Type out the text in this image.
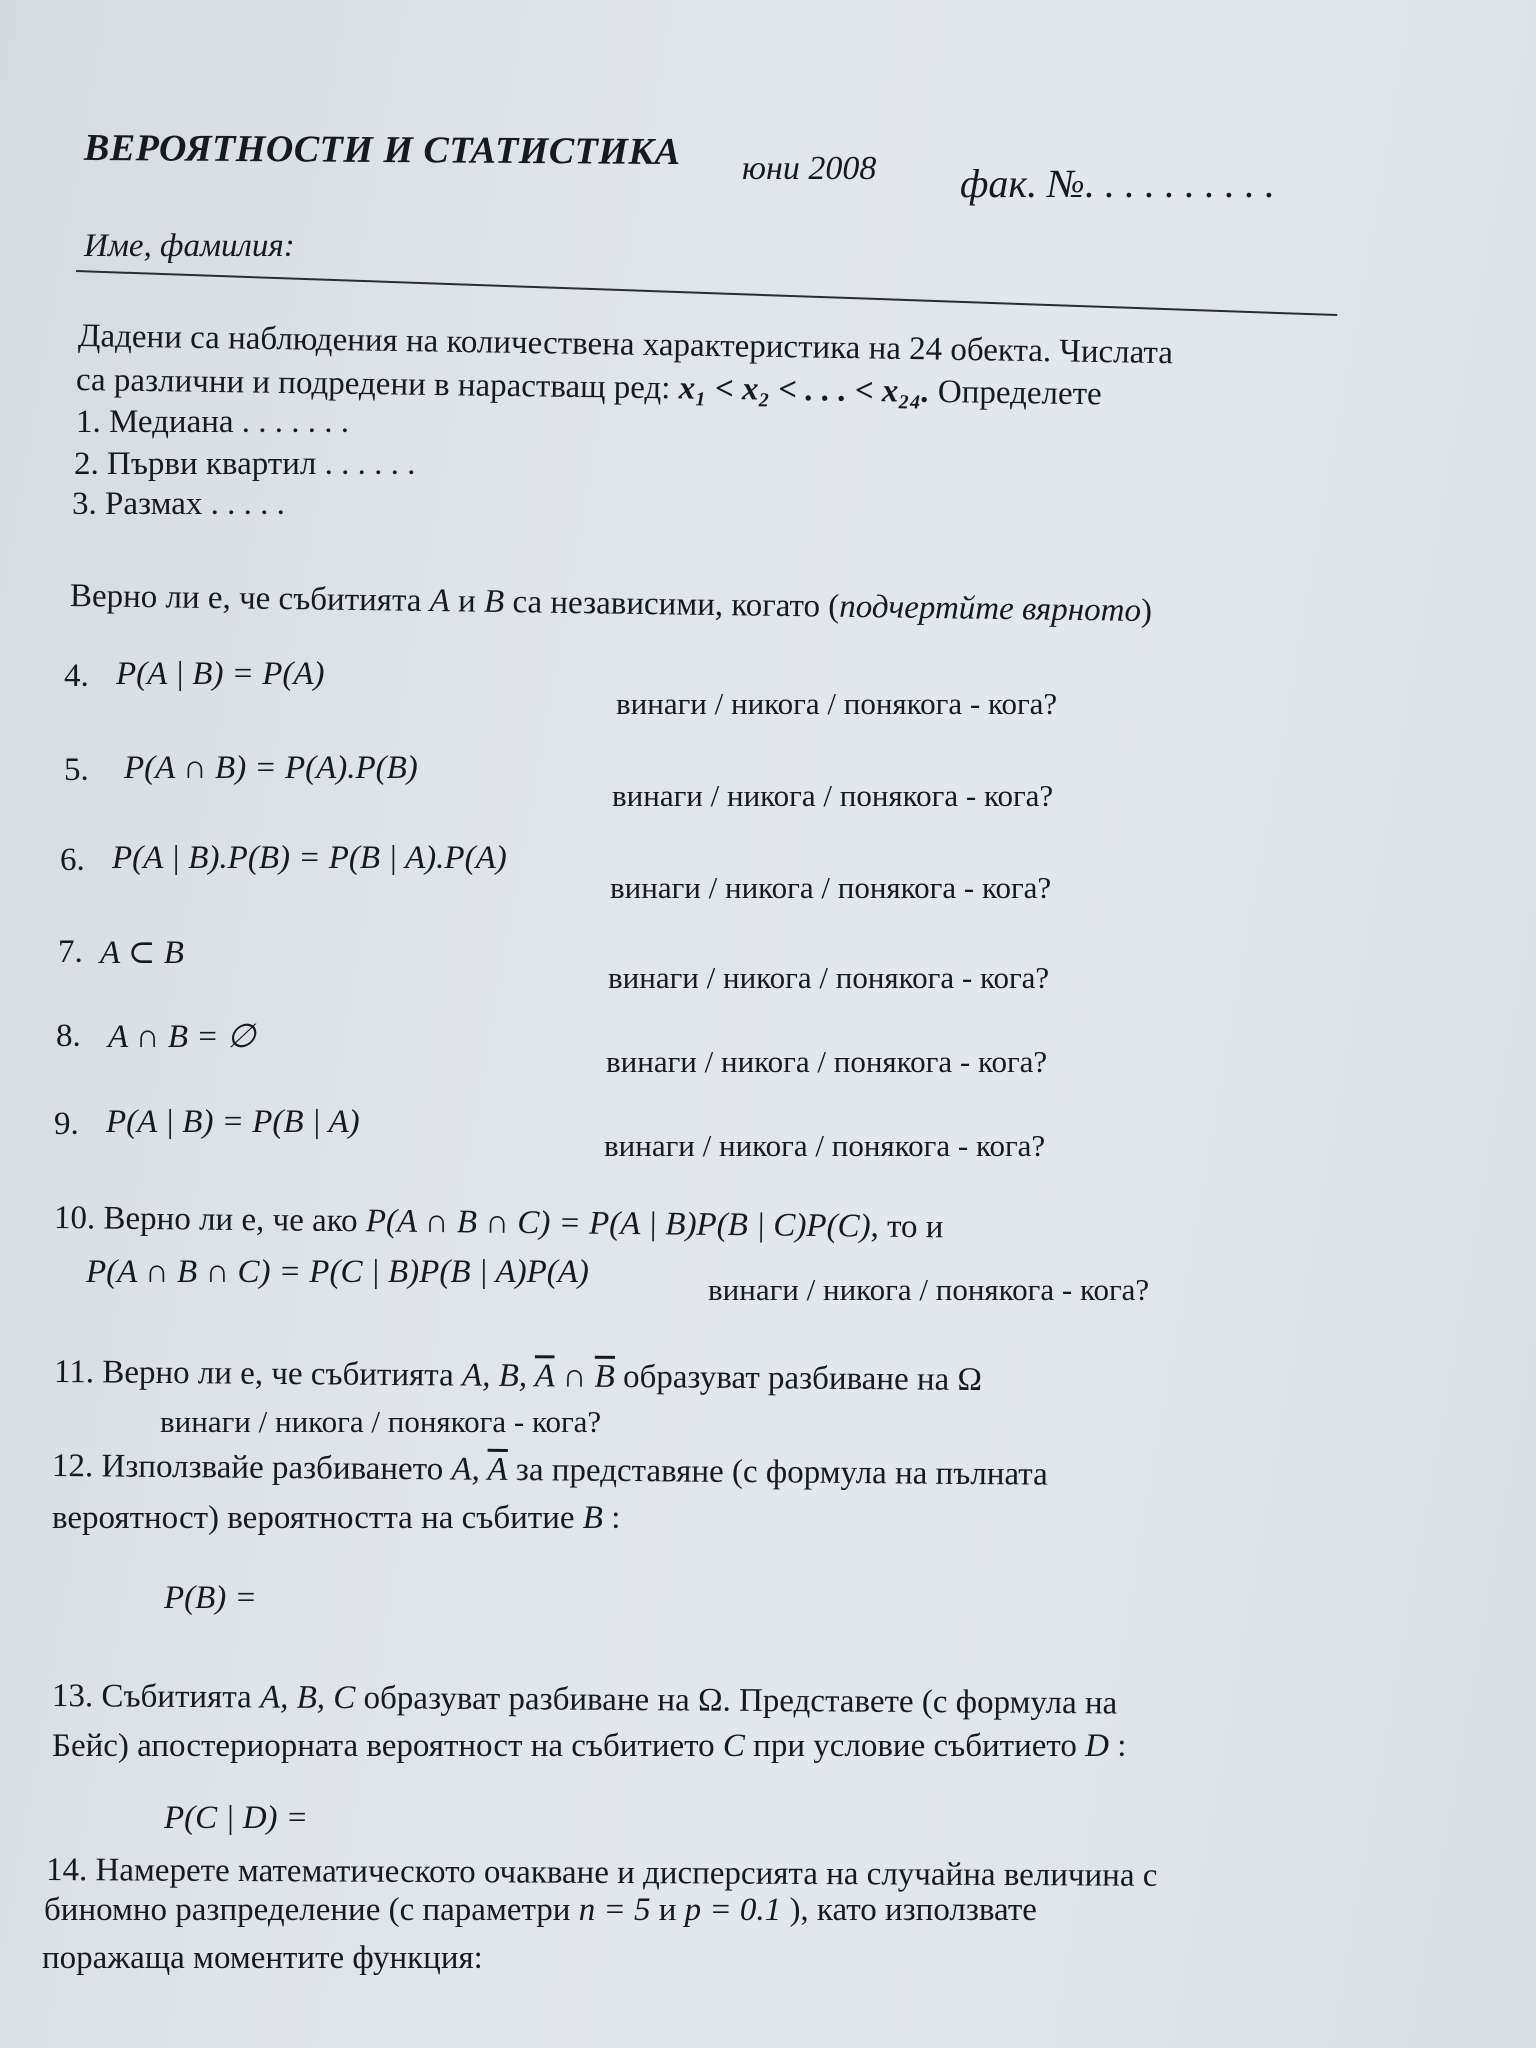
ВЕРОЯТНОСТИ И СТАТИСТИКА юни 2008 фак. №. . . . . . . . . .
Име, фамилия:
Дадени са наблюдения на количествена характеристика на 24 обекта. Числата
са различни и подредени в нарастващ ред: x₁ < x₂ < . . . < x₂₄. Определете
1. Медиана . . . . . . .
2. Първи квартил . . . . . .
3. Размах . . . . .
Верно ли е, че събитията A и B са независими, когато (подчертйте вярното)
4. P(A | B) = P(A)
винаги / никога / понякога - кога?
5. P(A ∩ B) = P(A).P(B)
винаги / никога / понякога - кога?
6. P(A | B).P(B) = P(B | A).P(A)
винаги / никога / понякога - кога?
7. A ⊂ B
винаги / никога / понякога - кога?
8. A ∩ B = ∅
винаги / никога / понякога - кога?
9. P(A | B) = P(B | A)
винаги / никога / понякога - кога?
10. Верно ли е, че ако P(A ∩ B ∩ C) = P(A | B)P(B | C)P(C), то и
P(A ∩ B ∩ C) = P(C | B)P(B | A)P(A)	винаги / никога / понякога - кога?
11. Верно ли е, че събитията A, B, $\overline{A}$ ∩ $\overline{B}$ образуват разбиване на Ω
винаги / никога / понякога - кога?
12. Използвайе разбиването A, $\overline{A}$ за представяне (с формула на пълната
вероятност) вероятността на събитие B :
P(B) =
13. Събитията A, B, C образуват разбиване на Ω. Представете (с формула на
Бейс) апостериорната вероятност на събитието C при условие събитието D :
P(C | D) =
14. Намерете математическото очакване и дисперсията на случайна величина с
биномно разпределение (с параметри n = 5 и p = 0.1 ), като използвате
поражаща моментите функция:
